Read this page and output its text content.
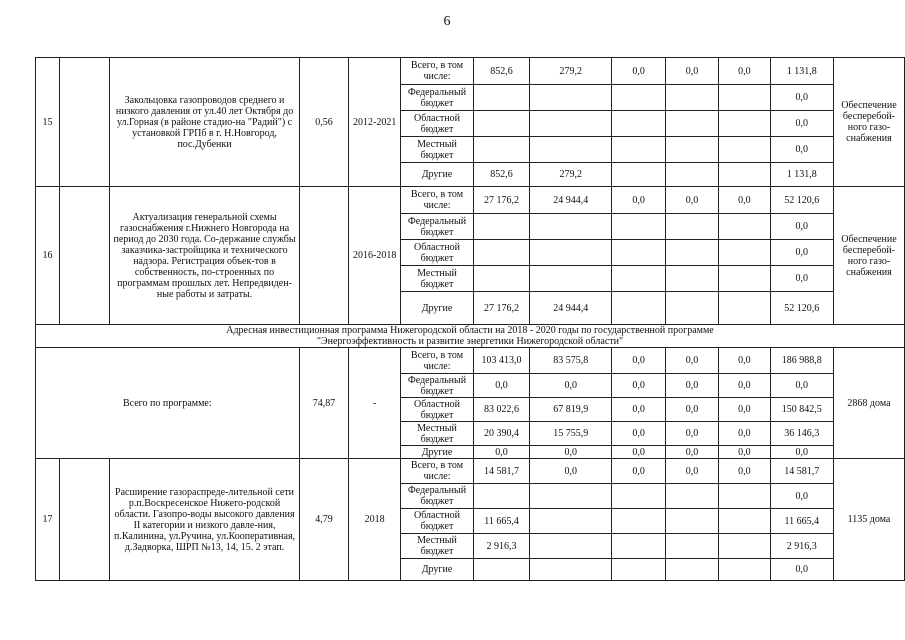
6
15		Закольцовка газопроводов среднего и низкого давления от ул.40 лет Октября до ул.Горная (в районе стадио-на "Радий") с установкой ГРПб в г. Н.Новгород, пос.Дубенки	0,56	2012-2021	Всего, в том числе:	852,6	279,2	0,0	0,0	0,0	1 131,8	Обеспечение бесперебой-ного газо-снабжения
					Федеральный бюджет						0,0	
					Областной бюджет						0,0	
					Местный бюджет						0,0	
					Другие	852,6	279,2				1 131,8	
16		Актуализация генеральной схемы газоснабжения г.Нижнего Новгорода на период до 2030 года. Со-держание службы заказчика-застройщика и технического надзора. Регистрация объек-тов в собственность, по-строенных по программам прошлых лет. Непредвиден-ные работы и затраты.		2016-2018	Всего, в том числе:	27 176,2	24 944,4	0,0	0,0	0,0	52 120,6	Обеспечение бесперебой-ного газо-снабжения
					Федеральный бюджет						0,0	
					Областной бюджет						0,0	
					Местный бюджет						0,0	
					Другие	27 176,2	24 944,4				52 120,6	

Адресная инвестиционная программа Нижегородской области на 2018 - 2020 годы по государственной программе
"Энергоэффективность и развитие энергетики Нижегородской области"												

Всего по программе:			74,87	-	Всего, в том числе:	103 413,0	83 575,8	0,0	0,0	0,0	186 988,8	2868 дома
					Федеральный бюджет	0,0	0,0	0,0	0,0	0,0	0,0	
					Областной бюджет	83 022,6	67 819,9	0,0	0,0	0,0	150 842,5	
					Местный бюджет	20 390,4	15 755,9	0,0	0,0	0,0	36 146,3	
					Другие	0,0	0,0	0,0	0,0	0,0	0,0	
17		Расширение газораспреде-лительной сети р.п.Воскресенское Нижего-родской области. Газопро-воды высокого давления II категории и низкого давле-ния, п.Калинина, ул.Ручина, ул.Кооперативная, д.Задворка, ШРП №13, 14, 15. 2 этап.	4,79	2018	Всего, в том числе:	14 581,7	0,0	0,0	0,0	0,0	14 581,7	1135 дома
					Федеральный бюджет						0,0	
					Областной бюджет	11 665,4					11 665,4	
					Местный бюджет	2 916,3					2 916,3	
					Другие						0,0	
